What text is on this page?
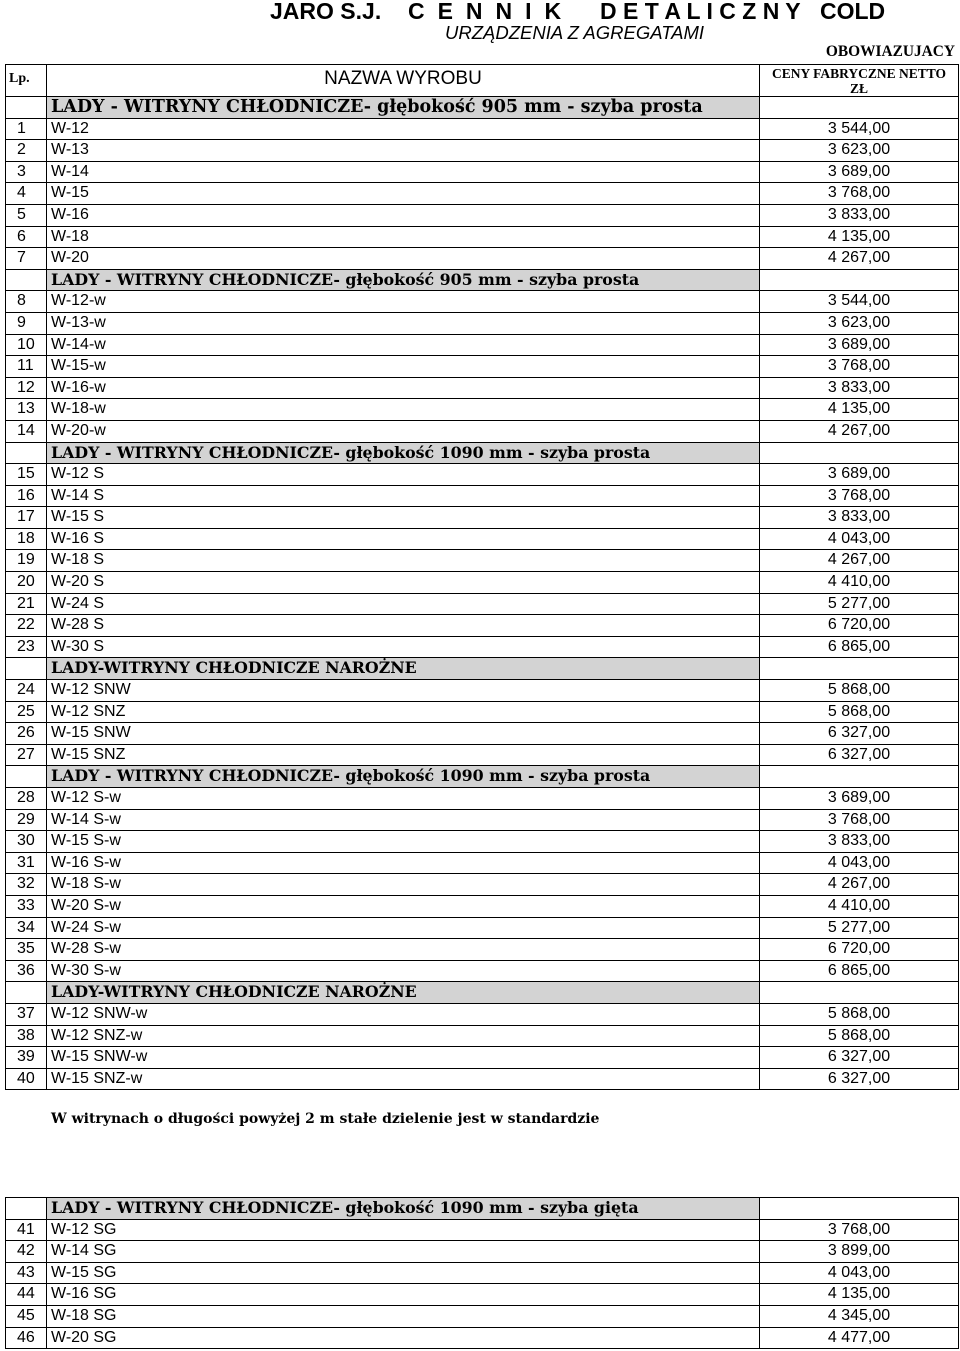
JARO S.J. C E N N I K D E T A L I C Z N Y COLD
URZĄDZENIA Z AGREGATAMI
OBOWIAZUJACY
Lp.	NAZWA WYROBU	CENY FABRYCZNE NETTO
ZŁ
LADY - WITRYNY CHŁODNICZE- głębokość 905 mm - szyba prosta
1	W-12	3 544,00
2	W-13	3 623,00
3	W-14	3 689,00
4	W-15	3 768,00
5	W-16	3 833,00
6	W-18	4 135,00
7	W-20	4 267,00
LADY - WITRYNY CHŁODNICZE- głębokość 905 mm - szyba prosta
8	W-12-w	3 544,00
9	W-13-w	3 623,00
10	W-14-w	3 689,00
11	W-15-w	3 768,00
12	W-16-w	3 833,00
13	W-18-w	4 135,00
14	W-20-w	4 267,00
LADY - WITRYNY CHŁODNICZE- głębokość 1090 mm - szyba prosta
15	W-12 S	3 689,00
16	W-14 S	3 768,00
17	W-15 S	3 833,00
18	W-16 S	4 043,00
19	W-18 S	4 267,00
20	W-20 S	4 410,00
21	W-24 S	5 277,00
22	W-28 S	6 720,00
23	W-30 S	6 865,00
LADY-WITRYNY CHŁODNICZE NAROŻNE
24	W-12 SNW	5 868,00
25	W-12 SNZ	5 868,00
26	W-15 SNW	6 327,00
27	W-15 SNZ	6 327,00
LADY - WITRYNY CHŁODNICZE- głębokość 1090 mm - szyba prosta
28	W-12 S-w	3 689,00
29	W-14 S-w	3 768,00
30	W-15 S-w	3 833,00
31	W-16 S-w	4 043,00
32	W-18 S-w	4 267,00
33	W-20 S-w	4 410,00
34	W-24 S-w	5 277,00
35	W-28 S-w	6 720,00
36	W-30 S-w	6 865,00
LADY-WITRYNY CHŁODNICZE NAROŻNE
37	W-12 SNW-w	5 868,00
38	W-12 SNZ-w	5 868,00
39	W-15 SNW-w	6 327,00
40	W-15 SNZ-w	6 327,00
W witrynach o długości powyżej 2 m stałe dzielenie jest w standardzie
LADY - WITRYNY CHŁODNICZE- głębokość 1090 mm - szyba gięta
41	W-12 SG	3 768,00
42	W-14 SG	3 899,00
43	W-15 SG	4 043,00
44	W-16 SG	4 135,00
45	W-18 SG	4 345,00
46	W-20 SG	4 477,00
